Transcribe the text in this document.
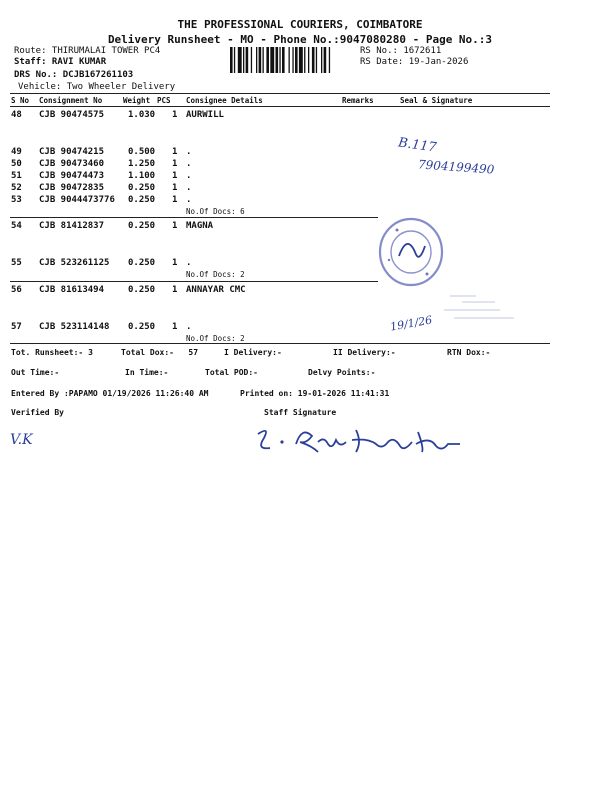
THE PROFESSIONAL COURIERS, COIMBATORE
Delivery Runsheet - MO - Phone No.:9047080280 - Page No.:3
Route: THIRUMALAI TOWER PC4
Staff: RAVI KUMAR
DRS No.: DCJB167261103
Vehicle: Two Wheeler Delivery
RS No.: 1672611
RS Date: 19-Jan-2026
S No Consignment No	Weight PCS Consignee Details	Remarks	Seal & Signature
48 CJB 90474575	1.030 1 AURWILL
49 CJB 90474215	0.500 1 .
50 CJB 90473460	1.250 1 .
51 CJB 90474473	1.100 1 .
52 CJB 90472835	0.250 1 .
53 CJB 9044473776 0.250 1 .
No.Of Docs: 6
54 CJB 81412837	0.250 1 MAGNA
55 CJB 523261125 0.250 1 .
No.Of Docs: 2
56 CJB 81613494	0.250 1 ANNAYAR CMC
57 CJB 523114148 0.250 1 .
No.Of Docs: 2
B.117
7904199490
19/1/26
Tot. Runsheet:- 3	Total Dox:-   57	I Delivery:-	II Delivery:-	RTN Dox:-
Out Time:-	In Time:-	Total POD:-	Delvy Points:-
Entered By :PAPAMO 01/19/2026 11:26:40 AM	Printed on: 19-01-2026 11:41:31
Verified By	Staff Signature
V.K
